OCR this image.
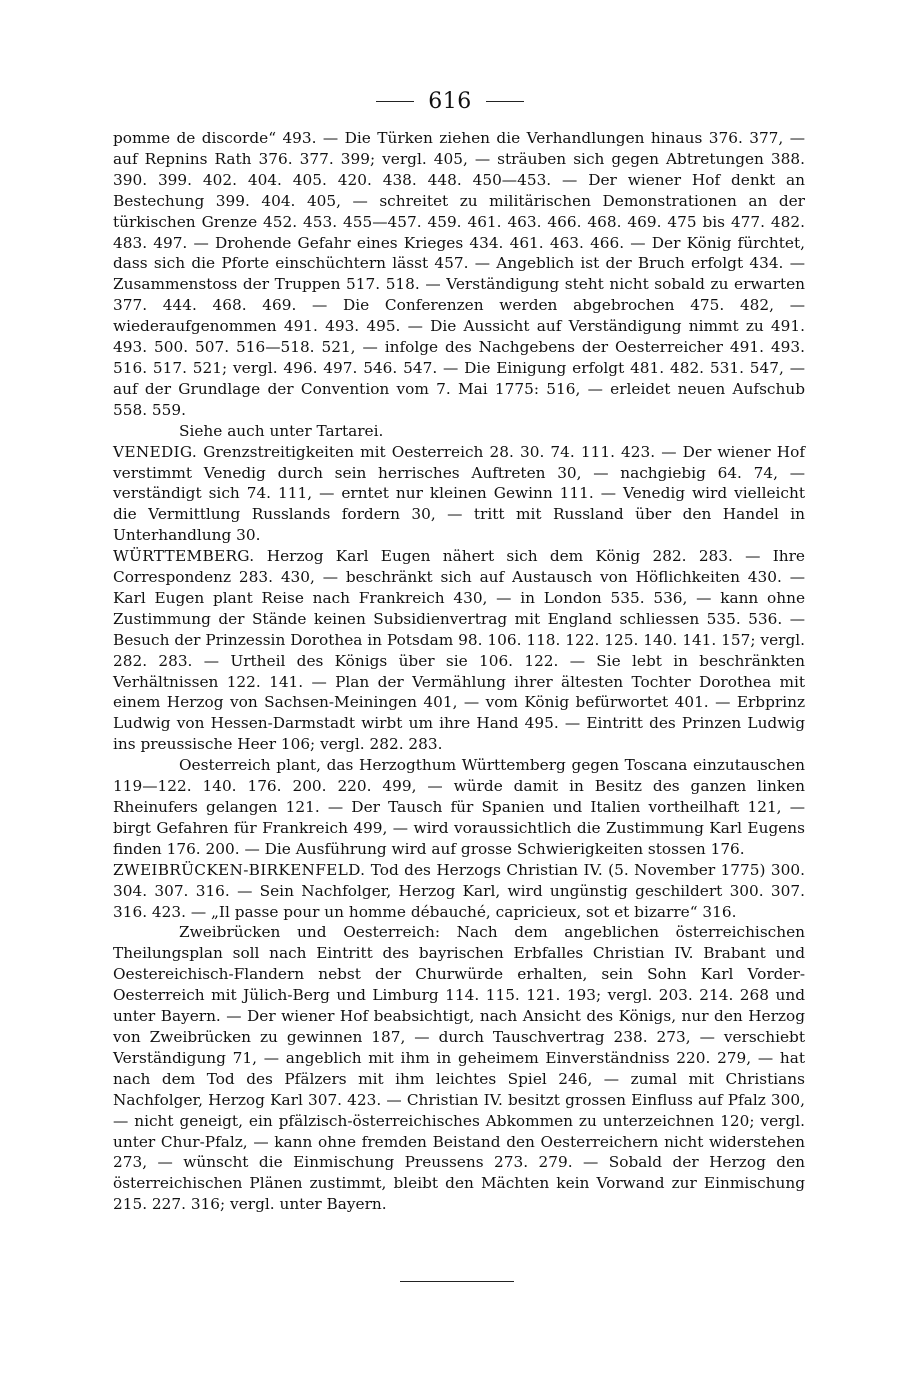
616

pomme de discorde“ 493. — Die Türken ziehen die Verhandlungen hinaus 376. 377, — auf Repnins Rath 376. 377. 399; vergl. 405, — sträuben sich gegen Abtretungen 388. 390. 399. 402. 404. 405. 420. 438. 448. 450—453. — Der wiener Hof denkt an Bestechung 399. 404. 405, — schreitet zu militärischen Demonstrationen an der türkischen Grenze 452. 453. 455—457. 459. 461. 463. 466. 468. 469. 475 bis 477. 482. 483. 497. — Drohende Gefahr eines Krieges 434. 461. 463. 466. — Der König fürchtet, dass sich die Pforte einschüchtern lässt 457. — Angeblich ist der Bruch erfolgt 434. — Zusammenstoss der Truppen 517. 518. — Verständigung steht nicht sobald zu erwarten 377. 444. 468. 469. — Die Conferenzen werden abgebrochen 475. 482, — wiederaufgenommen 491. 493. 495. — Die Aussicht auf Verständigung nimmt zu 491. 493. 500. 507. 516—518. 521, — infolge des Nachgebens der Oesterreicher 491. 493. 516. 517. 521; vergl. 496. 497. 546. 547. — Die Einigung erfolgt 481. 482. 531. 547, — auf der Grundlage der Convention vom 7. Mai 1775: 516, — erleidet neuen Aufschub 558. 559.

Siehe auch unter Tartarei.

VENEDIG. Grenzstreitigkeiten mit Oesterreich 28. 30. 74. 111. 423. — Der wiener Hof verstimmt Venedig durch sein herrisches Auftreten 30, — nachgiebig 64. 74, — verständigt sich 74. 111, — erntet nur kleinen Gewinn 111. — Venedig wird vielleicht die Vermittlung Russlands fordern 30, — tritt mit Russland über den Handel in Unterhandlung 30.

WÜRTTEMBERG. Herzog Karl Eugen nähert sich dem König 282. 283. — Ihre Correspondenz 283. 430, — beschränkt sich auf Austausch von Höflichkeiten 430. — Karl Eugen plant Reise nach Frankreich 430, — in London 535. 536, — kann ohne Zustimmung der Stände keinen Subsidienvertrag mit England schliessen 535. 536. — Besuch der Prinzessin Dorothea in Potsdam 98. 106. 118. 122. 125. 140. 141. 157; vergl. 282. 283. — Urtheil des Königs über sie 106. 122. — Sie lebt in beschränkten Verhältnissen 122. 141. — Plan der Vermählung ihrer ältesten Tochter Dorothea mit einem Herzog von Sachsen-Meiningen 401, — vom König befürwortet 401. — Erbprinz Ludwig von Hessen-Darmstadt wirbt um ihre Hand 495. — Eintritt des Prinzen Ludwig ins preussische Heer 106; vergl. 282. 283.

Oesterreich plant, das Herzogthum Württemberg gegen Toscana einzutauschen 119—122. 140. 176. 200. 220. 499, — würde damit in Besitz des ganzen linken Rheinufers gelangen 121. — Der Tausch für Spanien und Italien vortheilhaft 121, — birgt Gefahren für Frankreich 499, — wird voraussichtlich die Zustimmung Karl Eugens finden 176. 200. — Die Ausführung wird auf grosse Schwierigkeiten stossen 176.

ZWEIBRÜCKEN-BIRKENFELD. Tod des Herzogs Christian IV. (5. November 1775) 300. 304. 307. 316. — Sein Nachfolger, Herzog Karl, wird ungünstig geschildert 300. 307. 316. 423. — „Il passe pour un homme débauché, capricieux, sot et bizarre“ 316.

Zweibrücken und Oesterreich: Nach dem angeblichen österreichischen Theilungsplan soll nach Eintritt des bayrischen Erbfalles Christian IV. Brabant und Oestereichisch-Flandern nebst der Churwürde erhalten, sein Sohn Karl Vorder-Oesterreich mit Jülich-Berg und Limburg 114. 115. 121. 193; vergl. 203. 214. 268 und unter Bayern. — Der wiener Hof beabsichtigt, nach Ansicht des Königs, nur den Herzog von Zweibrücken zu gewinnen 187, — durch Tauschvertrag 238. 273, — verschiebt Verständigung 71, — angeblich mit ihm in geheimem Einverständniss 220. 279, — hat nach dem Tod des Pfälzers mit ihm leichtes Spiel 246, — zumal mit Christians Nachfolger, Herzog Karl 307. 423. — Christian IV. besitzt grossen Einfluss auf Pfalz 300, — nicht geneigt, ein pfälzisch-österreichisches Abkommen zu unterzeichnen 120; vergl. unter Chur-Pfalz, — kann ohne fremden Beistand den Oesterreichern nicht widerstehen 273, — wünscht die Einmischung Preussens 273. 279. — Sobald der Herzog den österreichischen Plänen zustimmt, bleibt den Mächten kein Vorwand zur Einmischung 215. 227. 316; vergl. unter Bayern.
